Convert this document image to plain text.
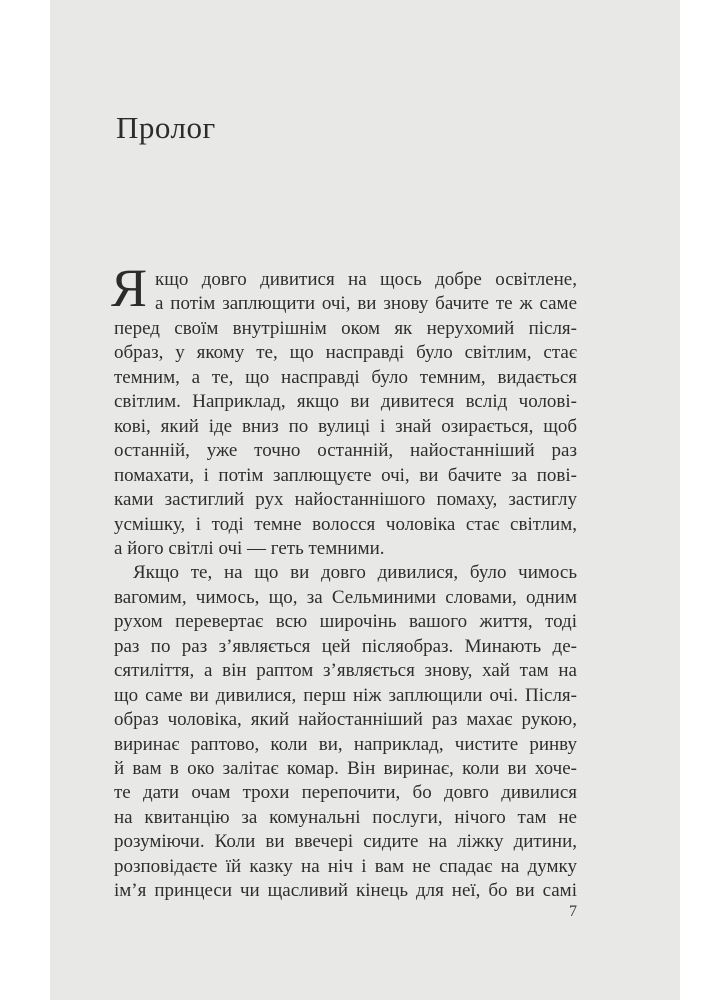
Пролог
Я кщо довго дивитися на щось добре освітлене,
а потім заплющити очі, ви знову бачите те ж саме
перед своїм внутрішнім оком як нерухомий після-
образ, у якому те, що насправді було світлим, стає
темним, а те, що насправді було темним, видається
світлим. Наприклад, якщо ви дивитеся вслід чолові-
кові, який іде вниз по вулиці і знай озирається, щоб
останній, уже точно останній, найостанніший раз
помахати, і потім заплющуєте очі, ви бачите за пові-
ками застиглий рух найостаннішого помаху, застиглу
усмішку, і тоді темне волосся чоловіка стає світлим,
а його світлі очі — геть темними.
Якщо те, на що ви довго дивилися, було чимось
вагомим, чимось, що, за Сельминими словами, одним
рухом перевертає всю широчінь вашого життя, тоді
раз по раз з’являється цей післяобраз. Минають де-
сятиліття, а він раптом з’являється знову, хай там на
що саме ви дивилися, перш ніж заплющили очі. Після-
образ чоловіка, який найостанніший раз махає рукою,
виринає раптово, коли ви, наприклад, чистите ринву
й вам в око залітає комар. Він виринає, коли ви хоче-
те дати очам трохи перепочити, бо довго дивилися
на квитанцію за комунальні послуги, нічого там не
розуміючи. Коли ви ввечері сидите на ліжку дитини,
розповідаєте їй казку на ніч і вам не спадає на думку
ім’я принцеси чи щасливий кінець для неї, бо ви самі
7
